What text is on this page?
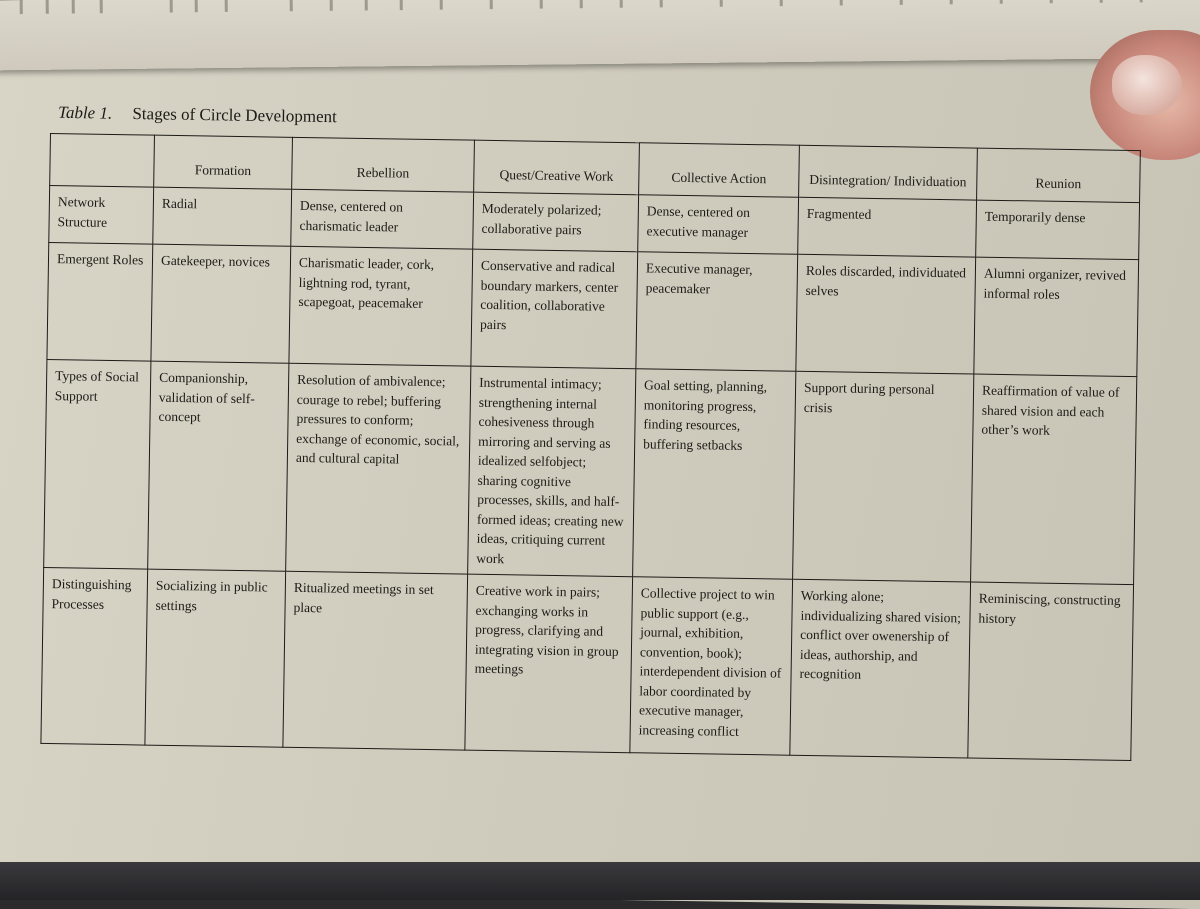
Table 1. Stages of Circle Development
	Formation	Rebellion	Quest/Creative Work	Collective Action	Disintegration/ Individuation	Reunion
Network Structure	Radial	Dense, centered on charismatic leader	Moderately polarized; collaborative pairs	Dense, centered on executive manager	Fragmented	Temporarily dense
Emergent Roles	Gatekeeper, novices	Charismatic leader, cork, lightning rod, tyrant, scapegoat, peacemaker	Conservative and radical boundary markers, center coalition, collaborative pairs	Executive manager, peacemaker	Roles discarded, individuated selves	Alumni organizer, revived informal roles
Types of Social Support	Companionship, validation of self-concept	Resolution of ambivalence; courage to rebel; buffering pressures to conform; exchange of economic, social, and cultural capital	Instrumental intimacy; strengthening internal cohesiveness through mirroring and serving as idealized selfobject; sharing cognitive processes, skills, and half-formed ideas; creating new ideas, critiquing current work	Goal setting, planning, monitoring progress, finding resources, buffering setbacks	Support during personal crisis	Reaffirmation of value of shared vision and each other’s work
Distinguishing Processes	Socializing in public settings	Ritualized meetings in set place	Creative work in pairs; exchanging works in progress, clarifying and integrating vision in group meetings	Collective project to win public support (e.g., journal, exhibition, convention, book); interdependent division of labor coordinated by executive manager, increasing conflict	Working alone; individualizing shared vision; conflict over owenership of ideas, authorship, and recognition	Reminiscing, constructing history
